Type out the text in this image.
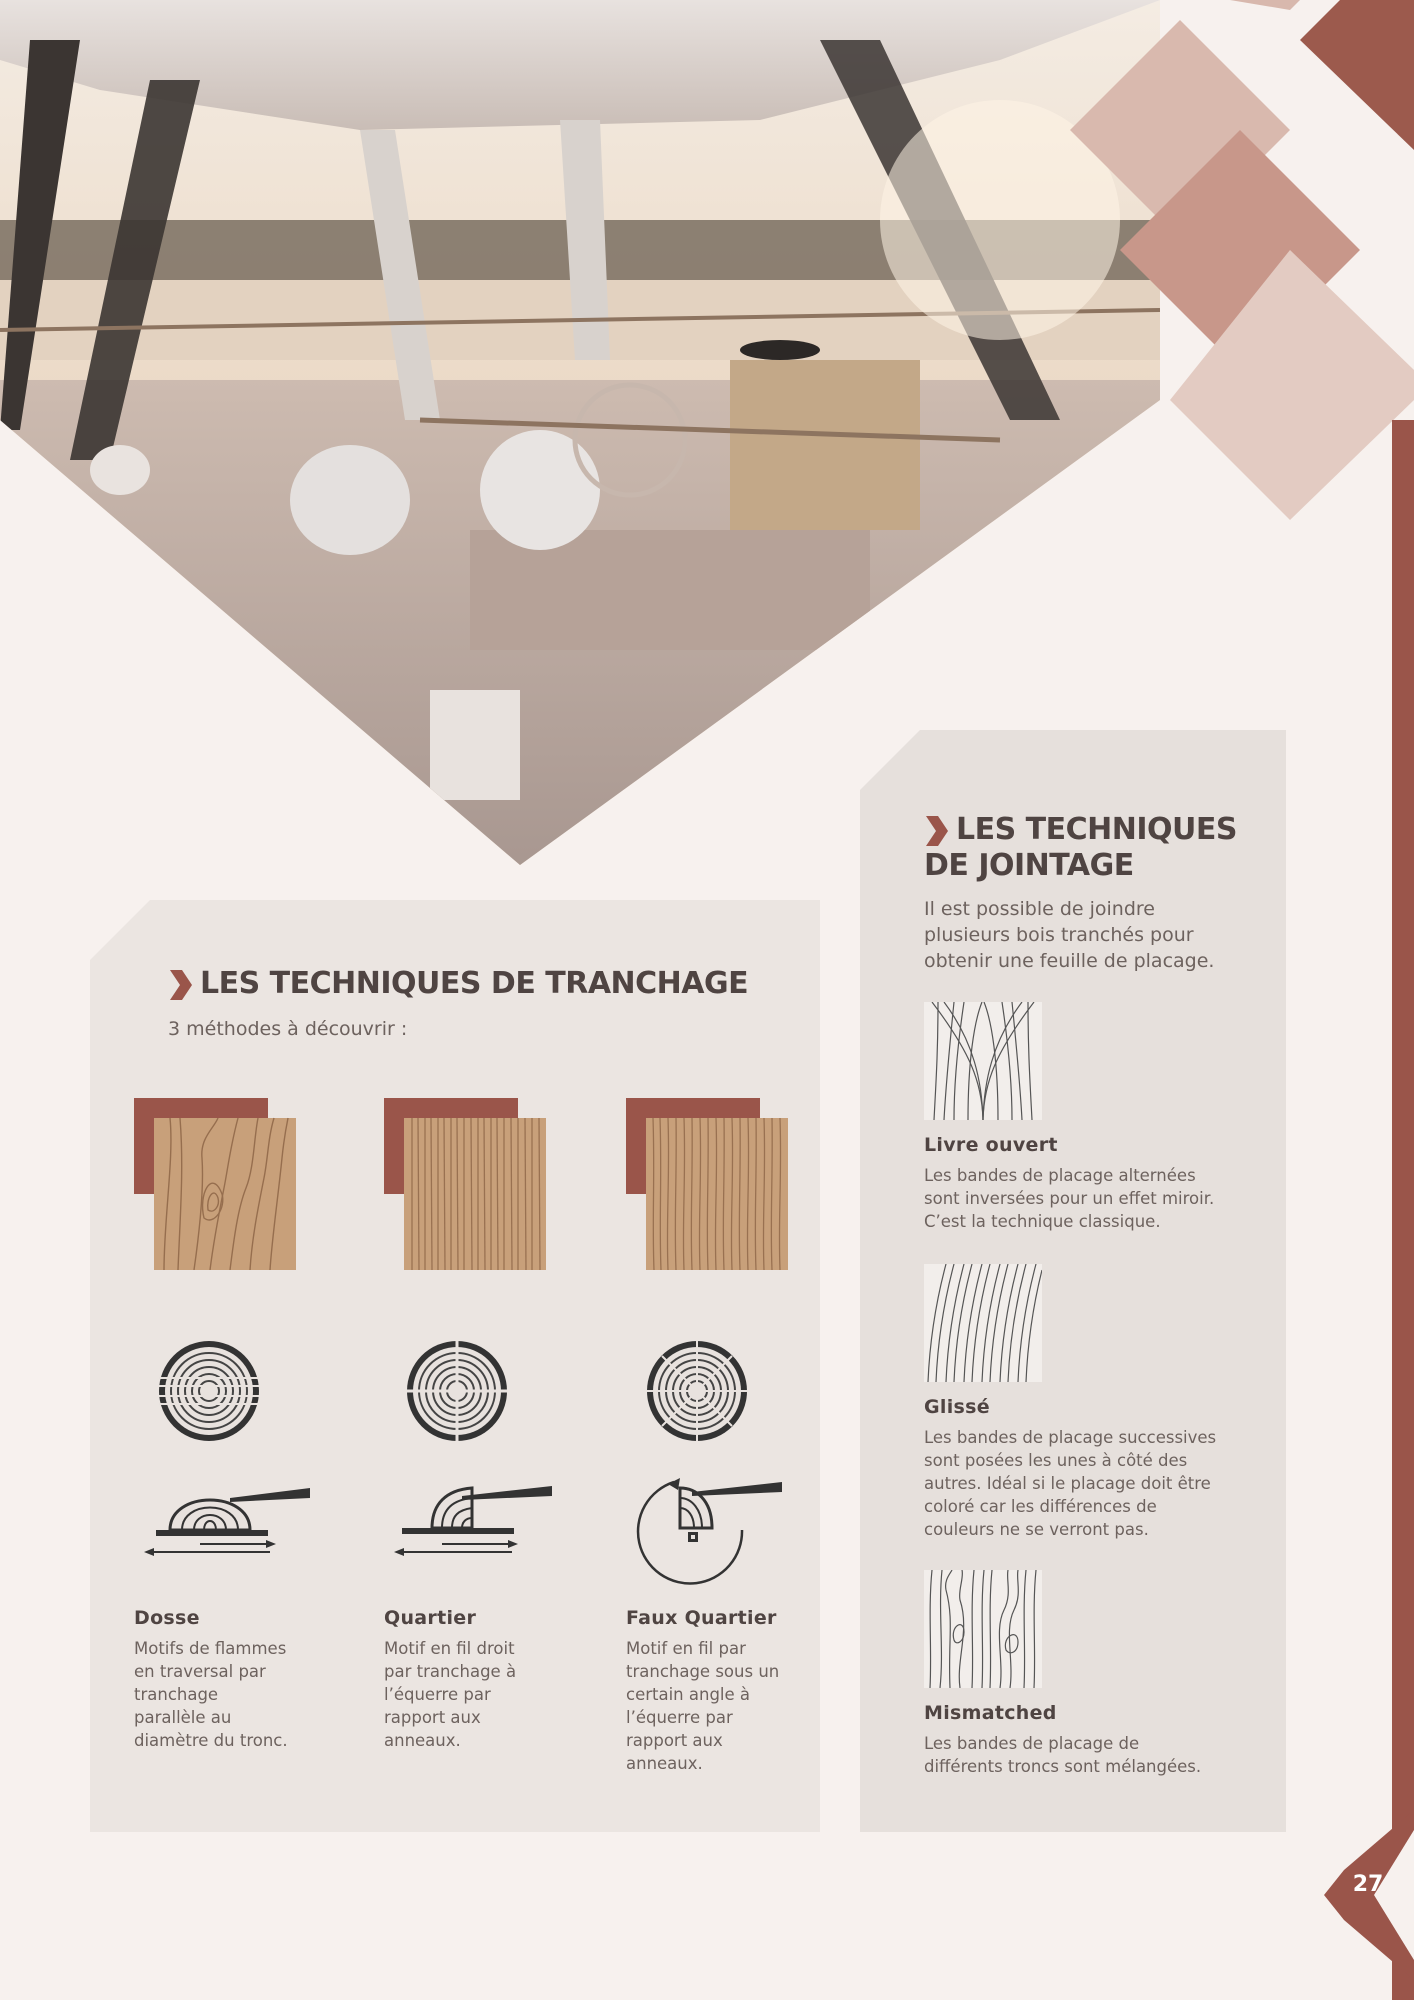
27
LES TECHNIQUES DE TRANCHAGE
3 méthodes à découvrir :
Dosse
Motifs de flammes
en traversal par
tranchage
parallèle au
diamètre du tronc.
Quartier
Motif en fil droit
par tranchage à
l’équerre par
rapport aux
anneaux.
Faux Quartier
Motif en fil par
tranchage sous un
certain angle à
l’équerre par
rapport aux
anneaux.
LES TECHNIQUES
DE JOINTAGE
Il est possible de joindre
plusieurs bois tranchés pour
obtenir une feuille de placage.
Livre ouvert
Les bandes de placage alternées
sont inversées pour un effet miroir.
C’est la technique classique.
Glissé
Les bandes de placage successives
sont posées les unes à côté des
autres. Idéal si le placage doit être
coloré car les différences de
couleurs ne se verront pas.
Mismatched
Les bandes de placage de
différents troncs sont mélangées.
